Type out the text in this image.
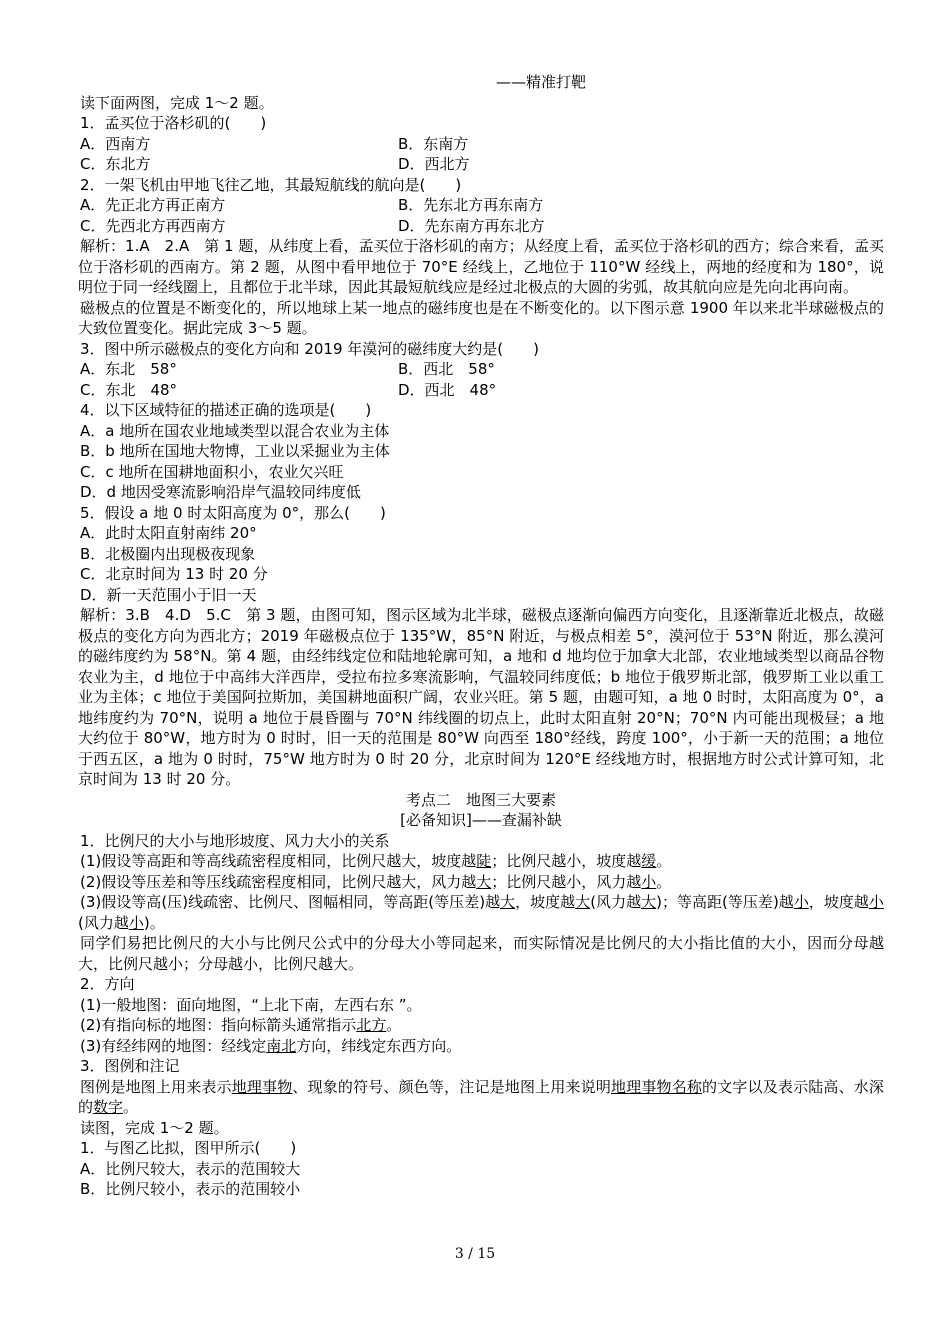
——精准打靶
读下面两图，完成 1～2 题。
1．孟买位于洛杉矶的(　　)
A．西南方	B．东南方
C．东北方	D．西北方
2．一架飞机由甲地飞往乙地，其最短航线的航向是(　　)
A．先正北方再正南方	B．先东北方再东南方
C．先西北方再西南方	D．先东南方再东北方
解析：1.A　2.A　第 1 题，从纬度上看，孟买位于洛杉矶的南方；从经度上看，孟买位于洛杉矶的西方；综合来看，孟买位于洛杉矶的西南方。第 2 题，从图中看甲地位于 70°E 经线上，乙地位于 110°W 经线上，两地的经度和为 180°，说明位于同一经线圈上，且都位于北半球，因此其最短航线应是经过北极点的大圆的劣弧，故其航向应是先向北再向南。
磁极点的位置是不断变化的，所以地球上某一地点的磁纬度也是在不断变化的。以下图示意 1900 年以来北半球磁极点的大致位置变化。据此完成 3～5 题。
3．图中所示磁极点的变化方向和 2019 年漠河的磁纬度大约是(　　)
A．东北　58°	B．西北　58°
C．东北　48°	D．西北　48°
4．以下区域特征的描述正确的选项是(　　)
A．a 地所在国农业地域类型以混合农业为主体
B．b 地所在国地大物博，工业以采掘业为主体
C．c 地所在国耕地面积小，农业欠兴旺
D．d 地因受寒流影响沿岸气温较同纬度低
5．假设 a 地 0 时太阳高度为 0°，那么(　　)
A．此时太阳直射南纬 20°
B．北极圈内出现极夜现象
C．北京时间为 13 时 20 分
D．新一天范围小于旧一天
解析：3.B　4.D　5.C　第 3 题，由图可知，图示区域为北半球，磁极点逐渐向偏西方向变化，且逐渐靠近北极点，故磁极点的变化方向为西北方；2019 年磁极点位于 135°W，85°N 附近，与极点相差 5°，漠河位于 53°N 附近，那么漠河的磁纬度约为 58°N。第 4 题，由经纬线定位和陆地轮廓可知，a 地和 d 地均位于加拿大北部，农业地域类型以商品谷物农业为主，d 地位于中高纬大洋西岸，受拉布拉多寒流影响，气温较同纬度低；b 地位于俄罗斯北部，俄罗斯工业以重工业为主体；c 地位于美国阿拉斯加，美国耕地面积广阔，农业兴旺。第 5 题，由题可知，a 地 0 时时，太阳高度为 0°，a 地纬度约为 70°N，说明 a 地位于晨昏圈与 70°N 纬线圈的切点上，此时太阳直射 20°N；70°N 内可能出现极昼；a 地大约位于 80°W，地方时为 0 时时，旧一天的范围是 80°W 向西至 180°经线，跨度 100°，小于新一天的范围；a 地位于西五区，a 地为 0 时时，75°W 地方时为 0 时 20 分，北京时间为 120°E 经线地方时，根据地方时公式计算可知，北京时间为 13 时 20 分。
考点二　地图三大要素
[必备知识]——查漏补缺
1．比例尺的大小与地形坡度、风力大小的关系
(1)假设等高距和等高线疏密程度相同，比例尺越大，坡度越陡；比例尺越小，坡度越缓。
(2)假设等压差和等压线疏密程度相同，比例尺越大，风力越大；比例尺越小，风力越小。
(3)假设等高(压)线疏密、比例尺、图幅相同，等高距(等压差)越大，坡度越大(风力越大)；等高距(等压差)越小，坡度越小(风力越小)。
同学们易把比例尺的大小与比例尺公式中的分母大小等同起来，而实际情况是比例尺的大小指比值的大小，因而分母越大，比例尺越小；分母越小，比例尺越大。
2．方向
(1)一般地图：面向地图，“上北下南，左西右东 ”。
(2)有指向标的地图：指向标箭头通常指示北方。
(3)有经纬网的地图：经线定南北方向，纬线定东西方向。
3．图例和注记
图例是地图上用来表示地理事物、现象的符号、颜色等，注记是地图上用来说明地理事物名称的文字以及表示陆高、水深的数字。
读图，完成 1～2 题。
1．与图乙比拟，图甲所示(　　)
A．比例尺较大，表示的范围较大
B．比例尺较小，表示的范围较小
3 / 15
